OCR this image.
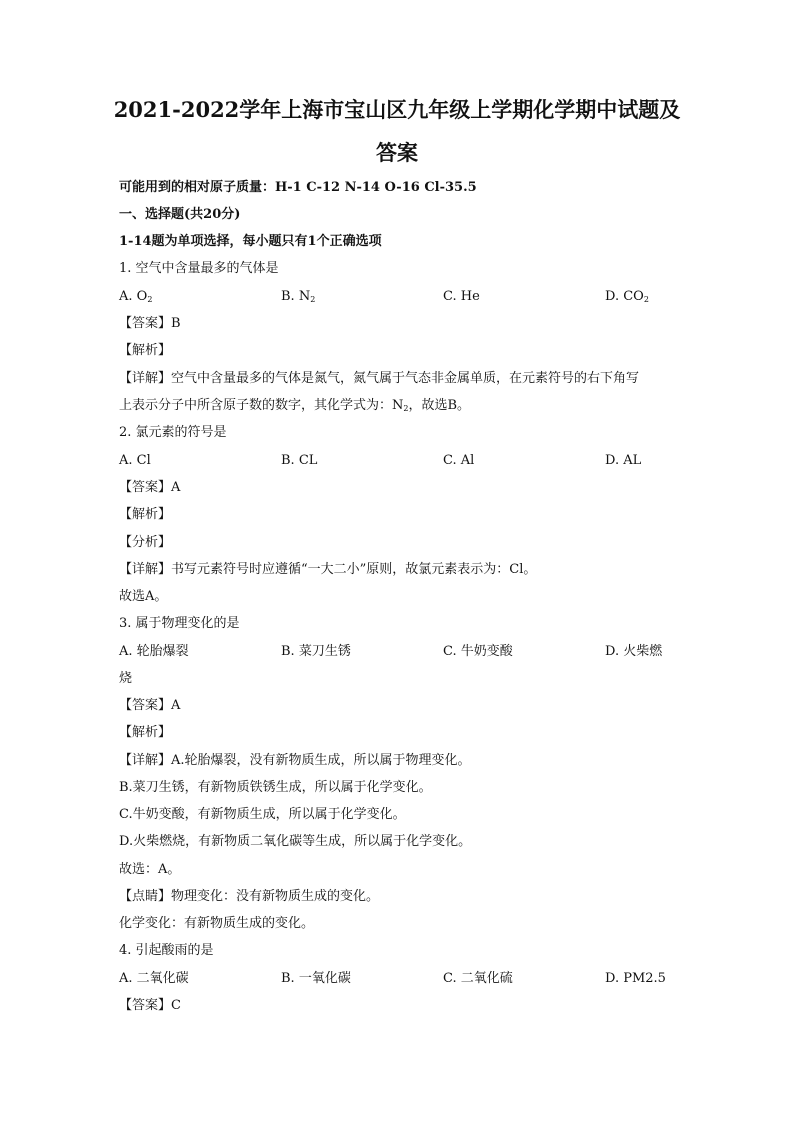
2021-2022学年上海市宝山区九年级上学期化学期中试题及
答案
可能用到的相对原子质量：H-1 C-12 N-14 O-16 Cl-35.5
一、选择题(共20分)
1-14题为单项选择，每小题只有1个正确选项
1. 空气中含量最多的气体是
A. $O_2$	B. $N_2$	C. He	D. $CO_2$
【答案】B
【解析】
【详解】空气中含量最多的气体是氮气，氮气属于气态非金属单质，在元素符号的右下角写
上表示分子中所含原子数的数字，其化学式为：$N_2$，故选B。
2. 氯元素的符号是
A. Cl	B. CL	C. Al	D. AL
【答案】A
【解析】
【分析】
【详解】书写元素符号时应遵循“一大二小”原则，故氯元素表示为：Cl。
故选A。
3. 属于物理变化的是
A. 轮胎爆裂	B. 菜刀生锈	C. 牛奶变酸	D. 火柴燃
烧
【答案】A
【解析】
【详解】A.轮胎爆裂，没有新物质生成，所以属于物理变化。
B.菜刀生锈，有新物质铁锈生成，所以属于化学变化。
C.牛奶变酸，有新物质生成，所以属于化学变化。
D.火柴燃烧，有新物质二氧化碳等生成，所以属于化学变化。
故选：A。
【点睛】物理变化：没有新物质生成的变化。
化学变化：有新物质生成的变化。
4. 引起酸雨的是
A. 二氧化碳	B. 一氧化碳	C. 二氧化硫	D. PM2.5
【答案】C
